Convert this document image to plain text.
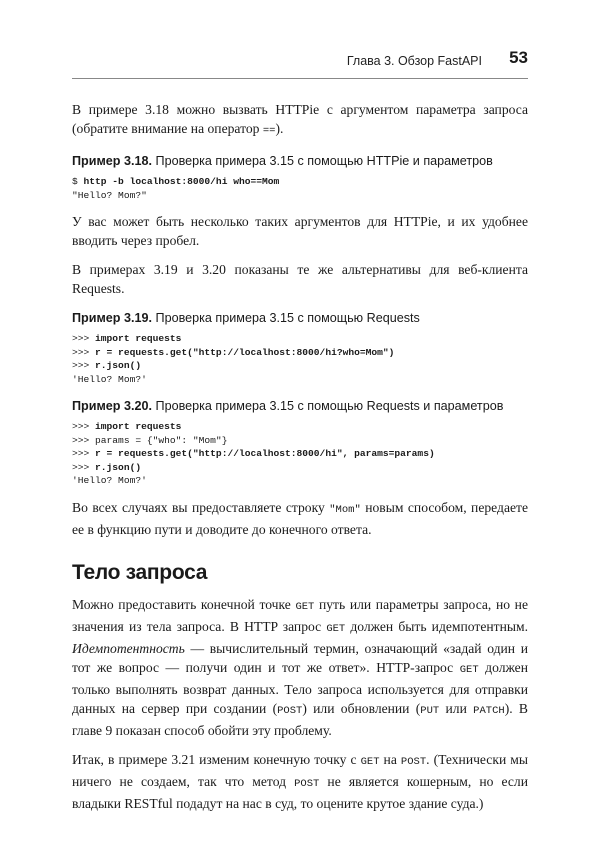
Глава 3. Обзор FastAPI 53

В примере 3.18 можно вызвать HTTPie с аргументом параметра запроса (обратите внимание на оператор ==).

Пример 3.18. Проверка примера 3.15 с помощью HTTPie и параметров
$ http -b localhost:8000/hi who==Mom
"Hello? Mom?"

У вас может быть несколько таких аргументов для HTTPie, и их удобнее вводить через пробел.

В примерах 3.19 и 3.20 показаны те же альтернативы для веб-клиента Requests.

Пример 3.19. Проверка примера 3.15 с помощью Requests
>>> import requests
>>> r = requests.get("http://localhost:8000/hi?who=Mom")
>>> r.json()
'Hello? Mom?'
Пример 3.20. Проверка примера 3.15 с помощью Requests и параметров
>>> import requests
>>> params = {"who": "Mom"}
>>> r = requests.get("http://localhost:8000/hi", params=params)
>>> r.json()
'Hello? Mom?'

Во всех случаях вы предоставляете строку "Mom" новым способом, передаете ее в функцию пути и доводите до конечного ответа.

Тело запроса

Можно предоставить конечной точке GET путь или параметры запроса, но не значения из тела запроса. В HTTP запрос GET должен быть идемпотентным. Идемпотентность — вычислительный термин, означающий «задай один и тот же вопрос — получи один и тот же ответ». HTTP-запрос GET должен только выполнять возврат данных. Тело запроса используется для отправки данных на сервер при создании (POST) или обновлении (PUT или PATCH). В главе 9 показан способ обойти эту проблему.

Итак, в примере 3.21 изменим конечную точку с GET на POST. (Технически мы ничего не создаем, так что метод POST не является кошерным, но если владыки RESTful подадут на нас в суд, то оцените крутое здание суда.)
